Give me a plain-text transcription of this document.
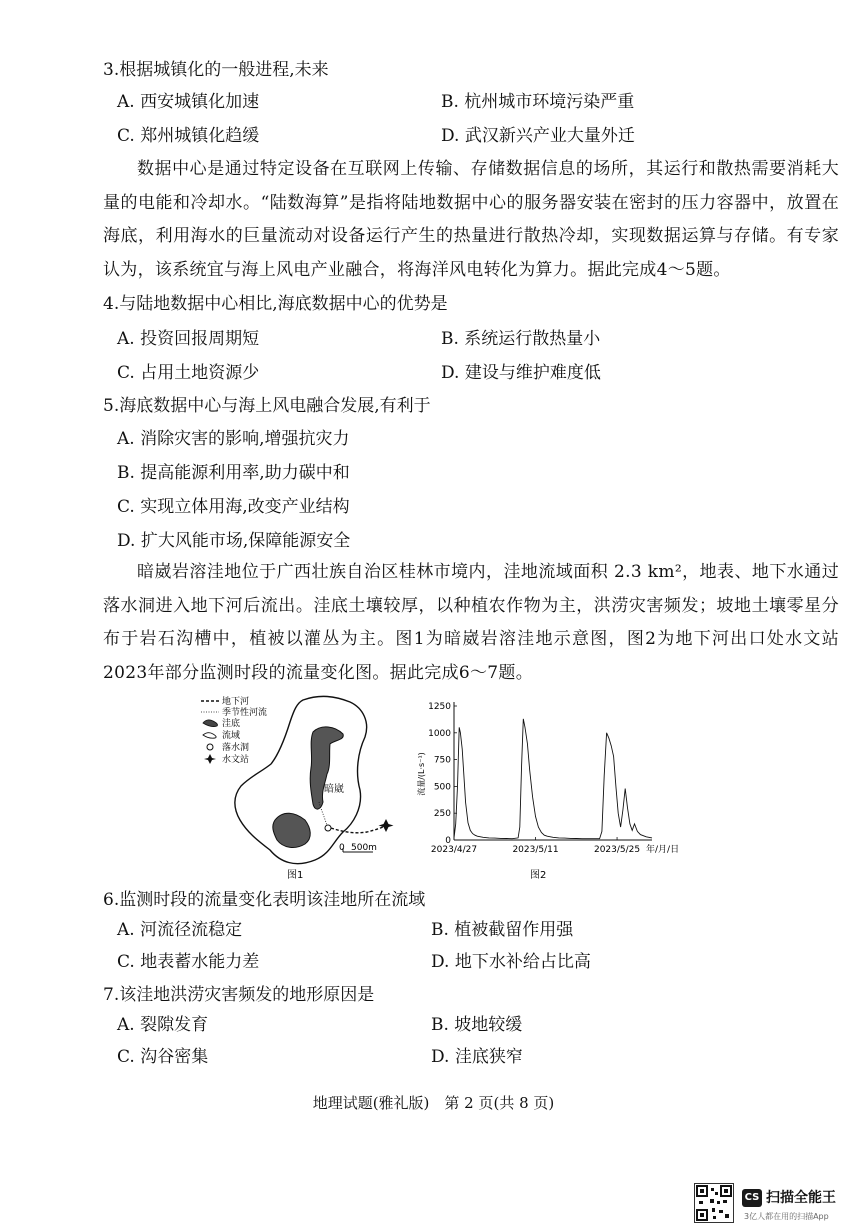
3.根据城镇化的一般进程,未来
A. 西安城镇化加速	B. 杭州城市环境污染严重
C. 郑州城镇化趋缓	D. 武汉新兴产业大量外迁
数据中心是通过特定设备在互联网上传输、存储数据信息的场所，其运行和散热需要消耗大量的电能和冷却水。“陆数海算”是指将陆地数据中心的服务器安装在密封的压力容器中，放置在海底，利用海水的巨量流动对设备运行产生的热量进行散热冷却，实现数据运算与存储。有专家认为，该系统宜与海上风电产业融合，将海洋风电转化为算力。据此完成4～5题。
4.与陆地数据中心相比,海底数据中心的优势是
A. 投资回报周期短	B. 系统运行散热量小
C. 占用土地资源少	D. 建设与维护难度低
5.海底数据中心与海上风电融合发展,有利于
A. 消除灾害的影响,增强抗灾力
B. 提高能源利用率,助力碳中和
C. 实现立体用海,改变产业结构
D. 扩大风能市场,保障能源安全
暗崴岩溶洼地位于广西壮族自治区桂林市境内，洼地流域面积 2.3 km²，地表、地下水通过落水洞进入地下河后流出。洼底土壤较厚，以种植农作物为主，洪涝灾害频发；坡地土壤零星分布于岩石沟槽中，植被以灌丛为主。图1为暗崴岩溶洼地示意图，图2为地下河出口处水文站2023年部分监测时段的流量变化图。据此完成6～7题。
地下河
季节性河流
洼底
流域
落水洞
水文站
暗崴
0 500m
图1
流量/(L·s⁻¹)
0
250
500
750
1000
1250
2023/4/27	2023/5/11	2023/5/25 年/月/日
图2
6.监测时段的流量变化表明该洼地所在流域
A. 河流径流稳定	B. 植被截留作用强
C. 地表蓄水能力差	D. 地下水补给占比高
7.该洼地洪涝灾害频发的地形原因是
A. 裂隙发育	B. 坡地较缓
C. 沟谷密集	D. 洼底狭窄
地理试题(雅礼版)　第 2 页(共 8 页)
CS 扫描全能王
3亿人都在用的扫描App
